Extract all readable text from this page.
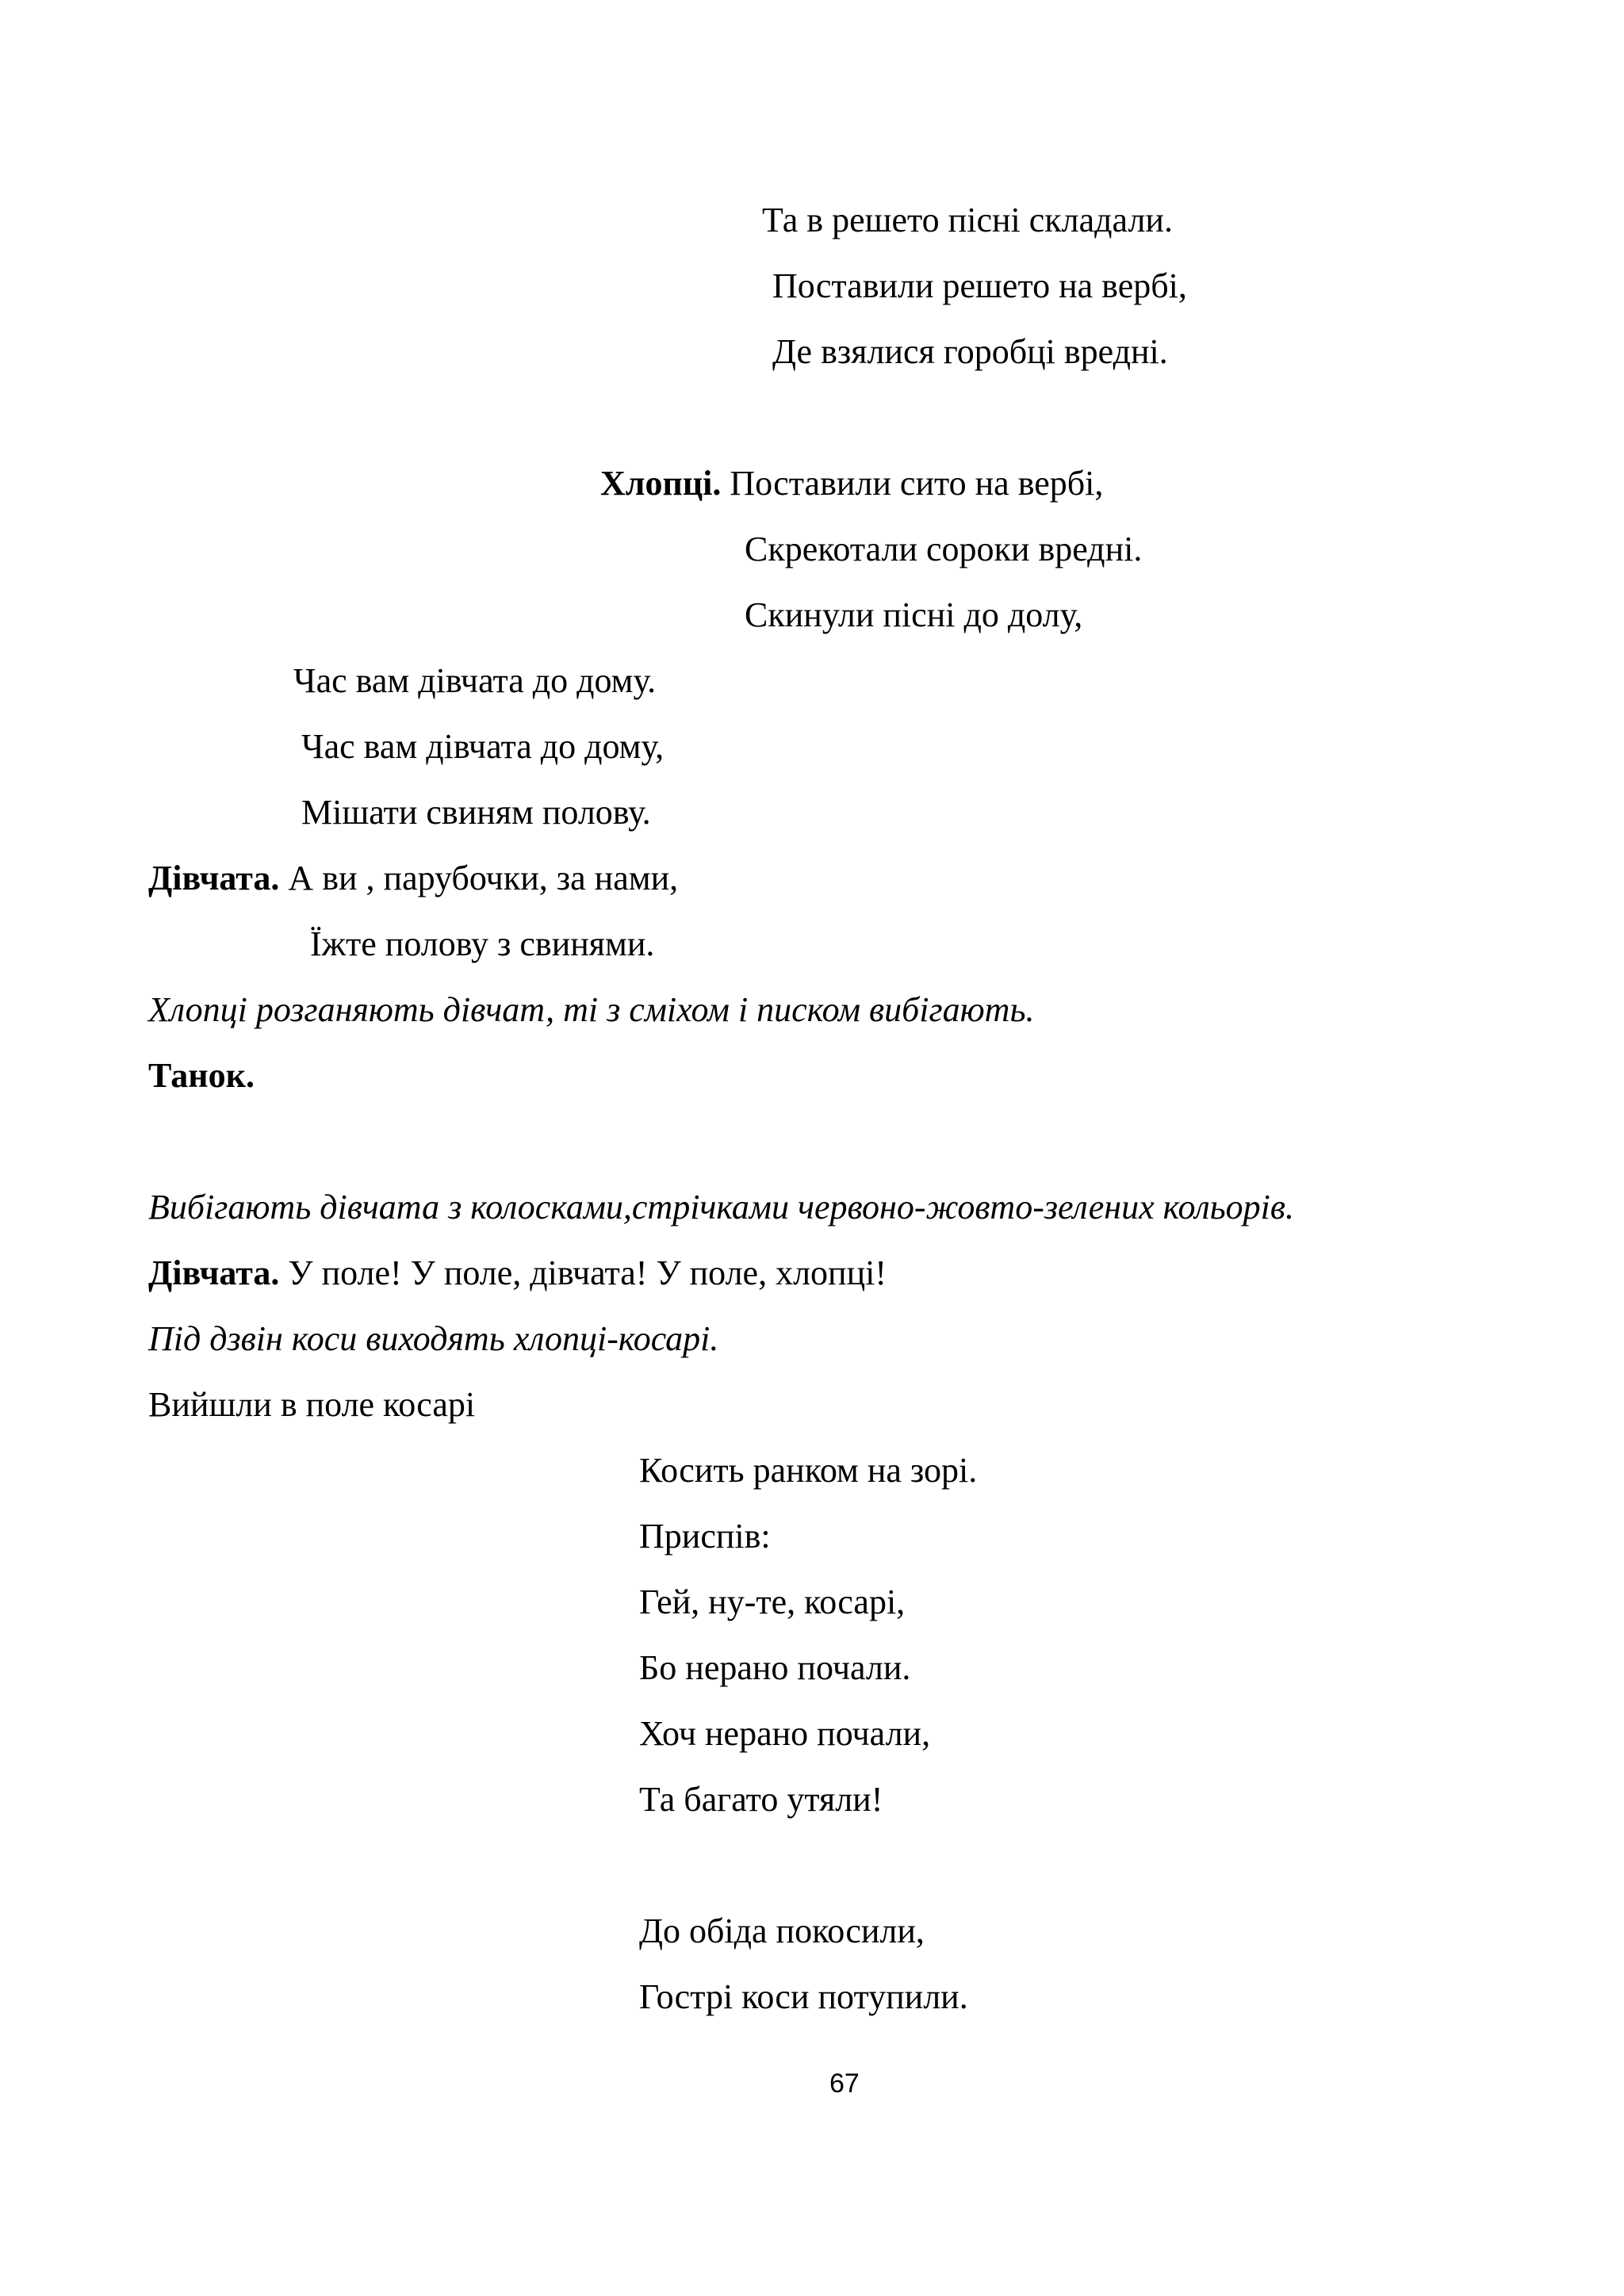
Та в решето пісні складали.
Поставили решето на вербі,
Де взялися горобці вредні.
Хлопці. Поставили сито на вербі,
Скрекотали сороки вредні.
Скинули пісні до долу,
Час вам дівчата до дому.
Час вам дівчата до дому,
Мішати свиням полову.
Дівчата. А ви , парубочки, за нами,
Їжте полову з свинями.
Хлопці розганяють дівчат, ті з сміхом і писком вибігають.
Танок.
Вибігають дівчата з колосками,стрічками червоно-жовто-зелених кольорів.
Дівчата. У поле! У поле, дівчата! У поле, хлопці!
Під дзвін коси виходять хлопці-косарі.
Вийшли в поле косарі
Косить ранком на зорі.
Приспів:
Гей, ну-те, косарі,
Бо нерано почали.
Хоч нерано почали,
Та багато утяли!
До обіда покосили,
Гострі коси потупили.
67
